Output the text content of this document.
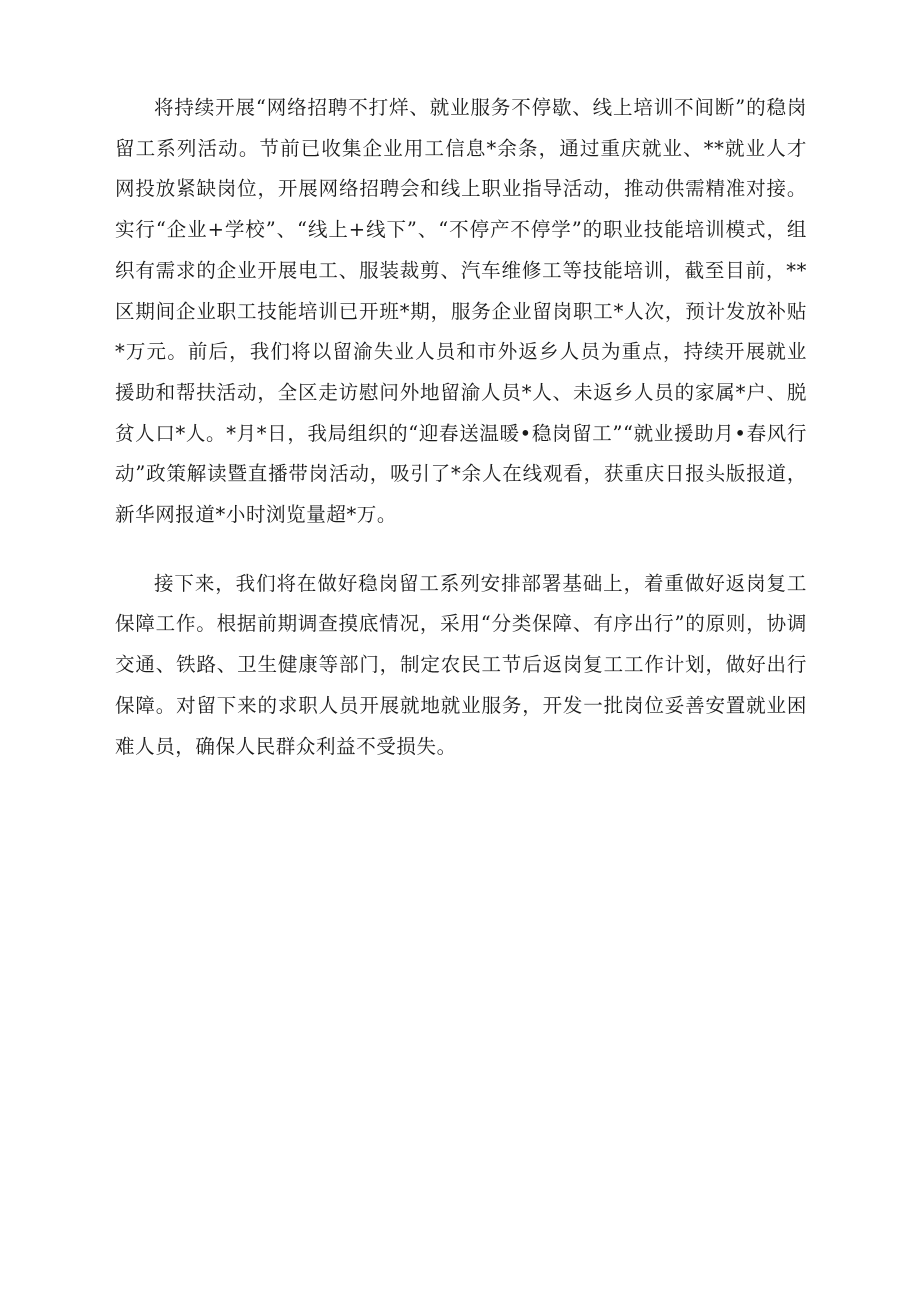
将持续开展“网络招聘不打烊、就业服务不停歇、线上培训不间断”的稳岗留工系列活动。节前已收集企业用工信息*余条，通过重庆就业、**就业人才网投放紧缺岗位，开展网络招聘会和线上职业指导活动，推动供需精准对接。实行“企业+学校”、“线上+线下”、“不停产不停学”的职业技能培训模式，组织有需求的企业开展电工、服装裁剪、汽车维修工等技能培训，截至目前，**区期间企业职工技能培训已开班*期，服务企业留岗职工*人次，预计发放补贴*万元。前后，我们将以留渝失业人员和市外返乡人员为重点，持续开展就业援助和帮扶活动，全区走访慰问外地留渝人员*人、未返乡人员的家属*户、脱贫人口*人。*月*日，我局组织的“迎春送温暖•稳岗留工”“就业援助月•春风行动”政策解读暨直播带岗活动，吸引了*余人在线观看，获重庆日报头版报道，新华网报道*小时浏览量超*万。

接下来，我们将在做好稳岗留工系列安排部署基础上，着重做好返岗复工保障工作。根据前期调查摸底情况，采用“分类保障、有序出行”的原则，协调交通、铁路、卫生健康等部门，制定农民工节后返岗复工工作计划，做好出行保障。对留下来的求职人员开展就地就业服务，开发一批岗位妥善安置就业困难人员，确保人民群众利益不受损失。
